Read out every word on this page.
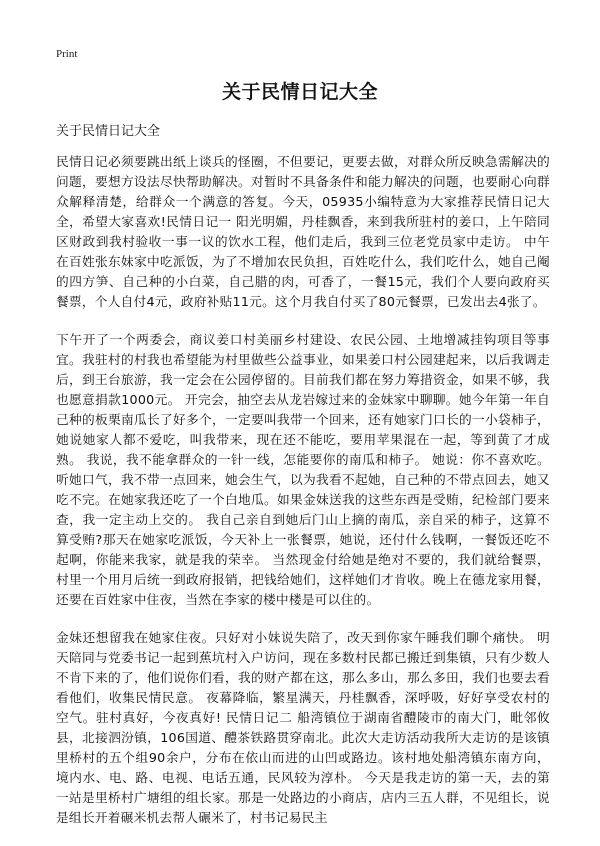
Print
关于民情日记大全

关于民情日记大全

民情日记必须要跳出纸上谈兵的怪圈，不但要记，更要去做，对群众所反映急需解决的问题，要想方设法尽快帮助解决。对暂时不具备条件和能力解决的问题，也要耐心向群众解释清楚，给群众一个满意的答复。今天，05935小编特意为大家推荐民情日记大全，希望大家喜欢!民情日记一 阳光明媚，丹桂飘香，来到我所驻村的姜口，上午陪同区财政到我村验收一事一议的饮水工程，他们走后，我到三位老党员家中走访。 中午在百姓张东妹家中吃派饭，为了不增加农民负担，百姓吃什么，我们吃什么，她自己阉的四方笋、自己种的小白菜，自己腊的肉，可香了，一餐15元，我们个人要向政府买餐票，个人自付4元，政府补贴11元。这个月我自付买了80元餐票，已发出去4张了。

下午开了一个两委会，商议姜口村美丽乡村建设、农民公园、土地增减挂钩项目等事宜。我驻村的村我也希望能为村里做些公益事业，如果姜口村公园建起来，以后我调走后，到王台旅游，我一定会在公园停留的。目前我们都在努力筹措资金，如果不够，我也愿意捐款1000元。 开完会，抽空去从龙岩嫁过来的金妹家中聊聊。她今年第一年自己种的板栗南瓜长了好多个，一定要叫我带一个回来，还有她家门口长的一小袋柿子，她说她家人都不爱吃，叫我带来，现在还不能吃，要用苹果混在一起，等到黄了才成熟。 我说，我不能拿群众的一针一线，怎能要你的南瓜和柿子。 她说：你不喜欢吃。 听她口气，我不带一点回来，她会生气，以为我看不起她，自己种的不带点回去，她又吃不完。在她家我还吃了一个白地瓜。如果金妹送我的这些东西是受贿，纪检部门要来查，我一定主动上交的。 我自己亲自到她后门山上摘的南瓜，亲自采的柿子，这算不算受贿?那天在她家吃派饭，今天补上一张餐票，她说，还付什么钱啊，一餐饭还吃不起啊，你能来我家，就是我的荣幸。 当然现金付给她是绝对不要的，我们就给餐票，村里一个用月后统一到政府报销，把钱给她们，这样她们才肯收。晚上在德龙家用餐，还要在百姓家中住夜，当然在李家的楼中楼是可以住的。

金妹还想留我在她家住夜。只好对小妹说失陪了，改天到你家午睡我们聊个痛快。 明天陪同与党委书记一起到蕉坑村入户访问，现在多数村民都已搬迁到集镇，只有少数人不肯下来的了，他们说你们看，我的财产都在这，那么多山，那么多田，我们也要去看看他们，收集民情民意。 夜幕降临，繁星满天，丹桂飘香，深呼吸，好好享受农村的空气。驻村真好，今夜真好! 民情日记二 船湾镇位于湖南省醴陵市的南大门，毗邻攸县，北接泗汾镇，106国道、醴茶铁路贯穿南北。此次大走访活动我所大走访的是该镇里桥村的五个组90余户，分布在依山而进的山凹或路边。该村地处船湾镇东南方向，境内水、电、路、电视、电话五通，民风较为淳朴。 今天是我走访的第一天，去的第一站是里桥村广塘组的组长家。那是一处路边的小商店，店内三五人群，不见组长，说是组长开着碾米机去帮人碾米了，村书记易民主
